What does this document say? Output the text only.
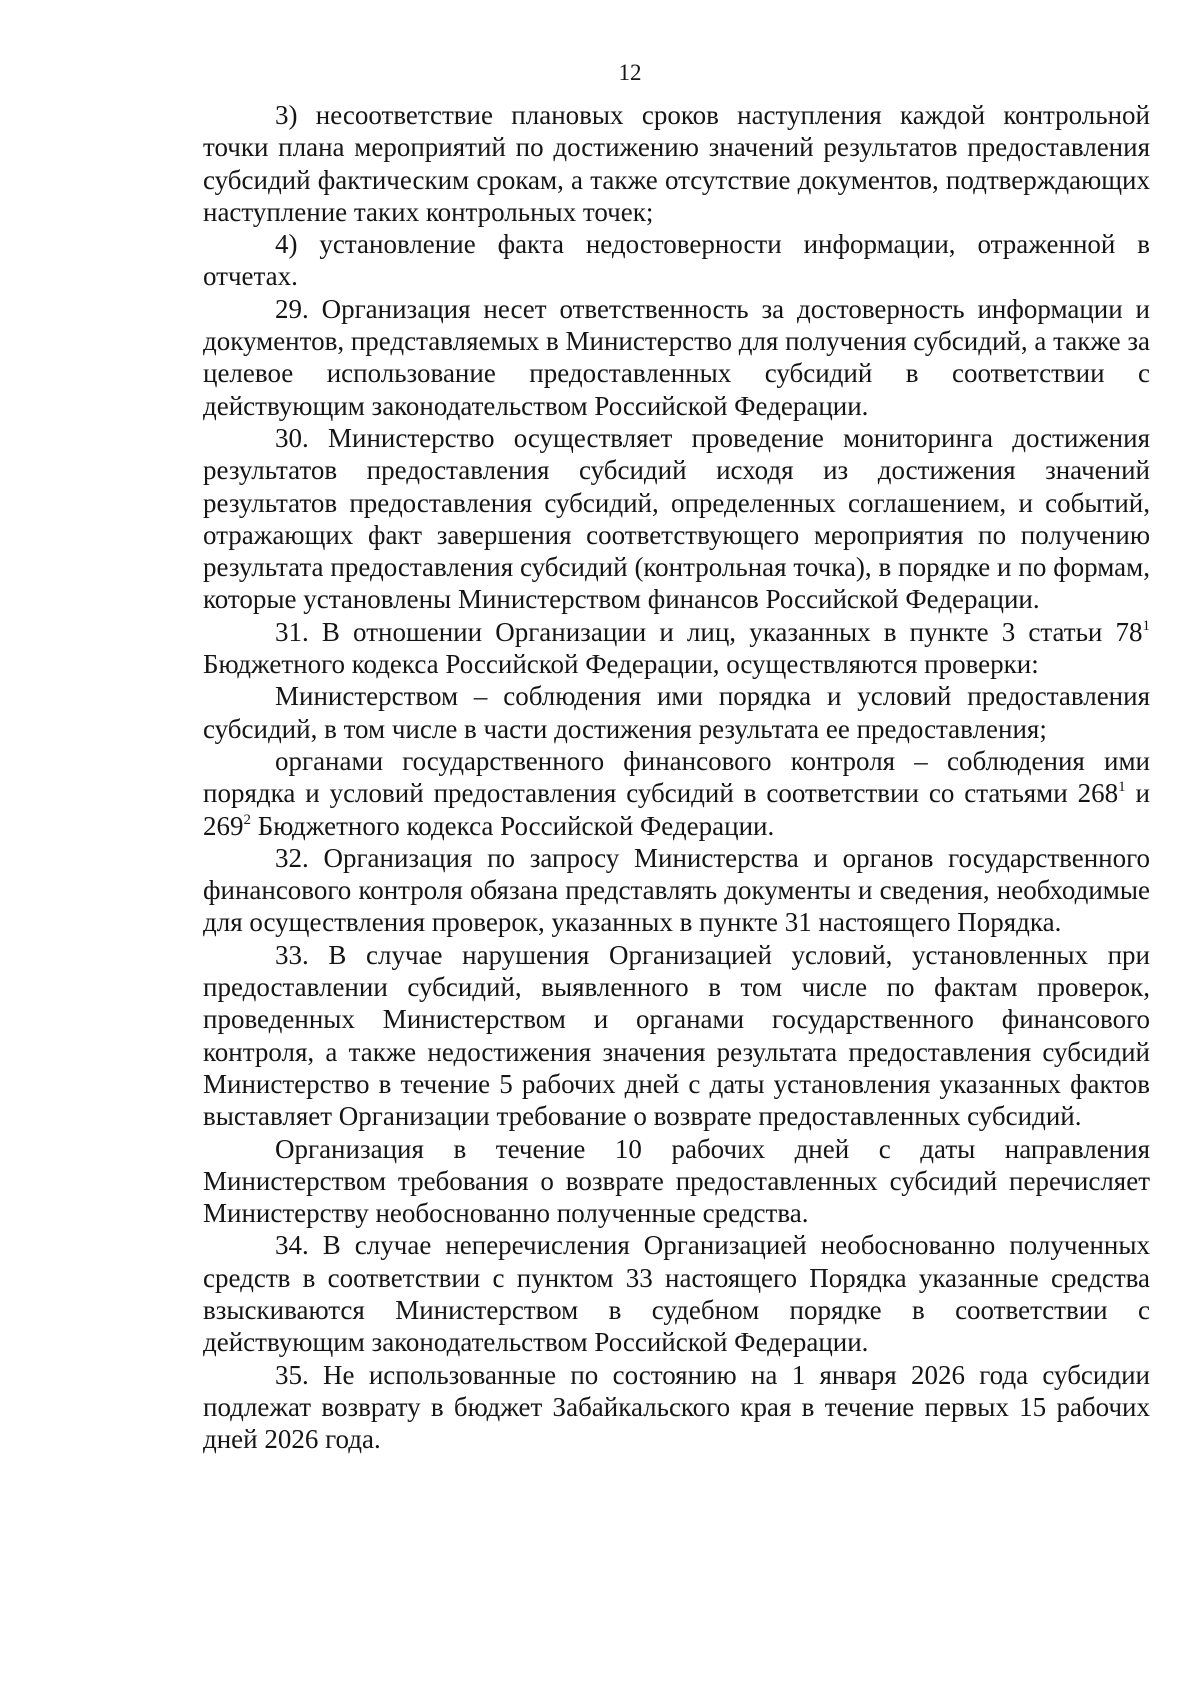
12

3) несоответствие плановых сроков наступления каждой контрольной точки плана мероприятий по достижению значений результатов предоставления субсидий фактическим срокам, а также отсутствие документов, подтверждающих наступление таких контрольных точек;

4) установление факта недостоверности информации, отраженной в отчетах.

29. Организация несет ответственность за достоверность информации и документов, представляемых в Министерство для получения субсидий, а также за целевое использование предоставленных субсидий в соответствии с действующим законодательством Российской Федерации.

30. Министерство осуществляет проведение мониторинга достижения результатов предоставления субсидий исходя из достижения значений результатов предоставления субсидий, определенных соглашением, и событий, отражающих факт завершения соответствующего мероприятия по получению результата предоставления субсидий (контрольная точка), в порядке и по формам, которые установлены Министерством финансов Российской Федерации.

31. В отношении Организации и лиц, указанных в пункте 3 статьи $78^1$ Бюджетного кодекса Российской Федерации, осуществляются проверки:

Министерством – соблюдения ими порядка и условий предоставления субсидий, в том числе в части достижения результата ее предоставления;

органами государственного финансового контроля – соблюдения ими порядка и условий предоставления субсидий в соответствии со статьями $268^1$ и $269^2$ Бюджетного кодекса Российской Федерации.

32. Организация по запросу Министерства и органов государственного финансового контроля обязана представлять документы и сведения, необходимые для осуществления проверок, указанных в пункте 31 настоящего Порядка.

33. В случае нарушения Организацией условий, установленных при предоставлении субсидий, выявленного в том числе по фактам проверок, проведенных Министерством и органами государственного финансового контроля, а также недостижения значения результата предоставления субсидий Министерство в течение 5 рабочих дней с даты установления указанных фактов выставляет Организации требование о возврате предоставленных субсидий.

Организация в течение 10 рабочих дней с даты направления Министерством требования о возврате предоставленных субсидий перечисляет Министерству необоснованно полученные средства.

34. В случае неперечисления Организацией необоснованно полученных средств в соответствии с пунктом 33 настоящего Порядка указанные средства взыскиваются Министерством в судебном порядке в соответствии с действующим законодательством Российской Федерации.

35. Не использованные по состоянию на 1 января 2026 года субсидии подлежат возврату в бюджет Забайкальского края в течение первых 15 рабочих дней 2026 года.
